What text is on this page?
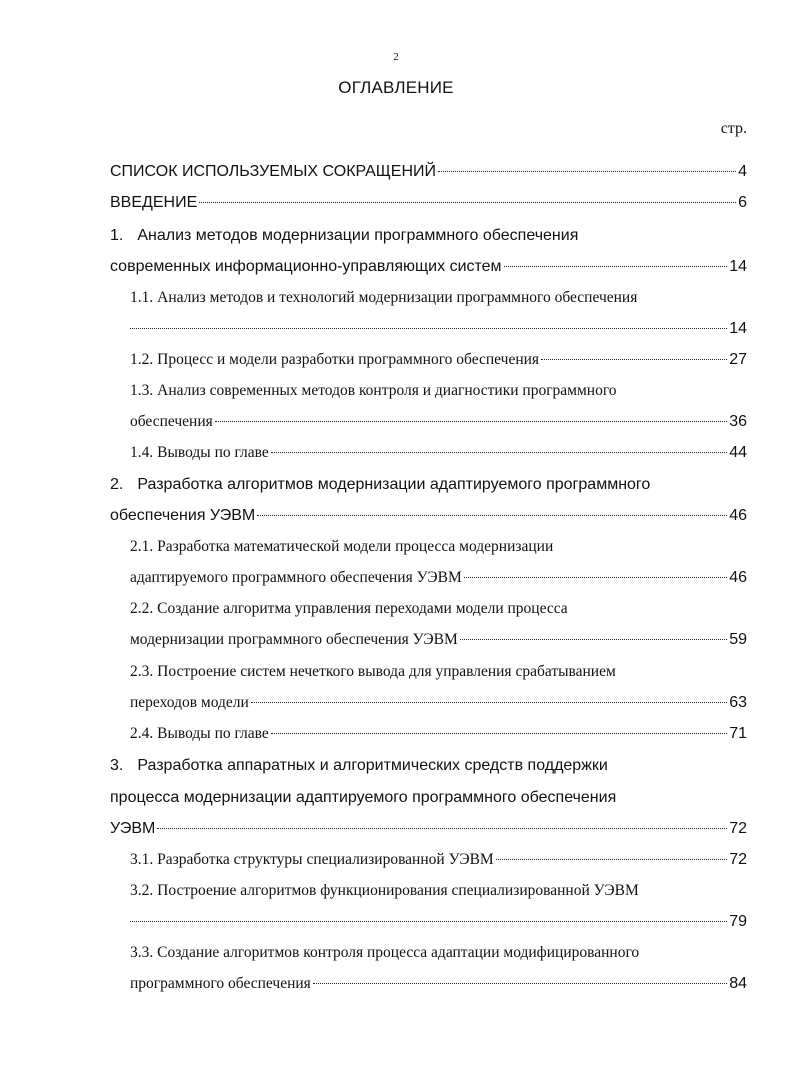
2
ОГЛАВЛЕНИЕ
стр.
СПИСОК ИСПОЛЬЗУЕМЫХ СОКРАЩЕНИЙ	4
ВВЕДЕНИЕ	6
1. Анализ методов модернизации программного обеспечения
современных информационно-управляющих систем	14
1.1. Анализ методов и технологий модернизации программного обеспечения
14
1.2. Процесс и модели разработки программного обеспечения	27
1.3. Анализ современных методов контроля и диагностики программного
обеспечения	36
1.4. Выводы по главе	44
2. Разработка алгоритмов модернизации адаптируемого программного
обеспечения УЭВМ	46
2.1. Разработка математической модели процесса модернизации
адаптируемого программного обеспечения УЭВМ	46
2.2. Создание алгоритма управления переходами модели процесса
модернизации программного обеспечения УЭВМ	59
2.3. Построение систем нечеткого вывода для управления срабатыванием
переходов модели	63
2.4. Выводы по главе	71
3. Разработка аппаратных и алгоритмических средств поддержки
процесса модернизации адаптируемого программного обеспечения
УЭВМ	72
3.1. Разработка структуры специализированной УЭВМ	72
3.2. Построение алгоритмов функционирования специализированной УЭВМ
79
3.3. Создание алгоритмов контроля процесса адаптации модифицированного
программного обеспечения	84
